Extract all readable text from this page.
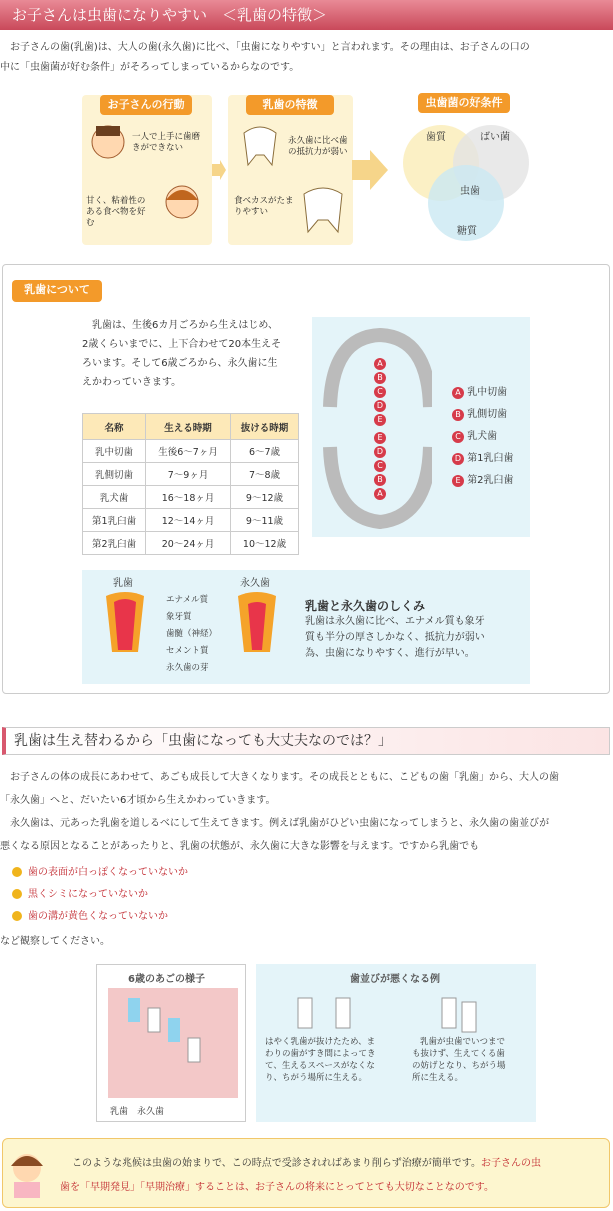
お子さんは虫歯になりやすい　＜乳歯の特徴＞
　お子さんの歯(乳歯)は、大人の歯(永久歯)に比べ、「虫歯になりやすい」と言われます。その理由は、お子さんの口の
中に「虫歯菌が好む条件」がそろってしまっているからなのです。
お子さんの行動
一人で上手に歯磨きができない
甘く、粘着性のある食べ物を好む
乳歯の特徴
永久歯に比べ歯の抵抗力が弱い
食べカスがたまりやすい
虫歯菌の好条件
歯質	ばい菌
虫歯
糖質
乳歯について
乳歯は、生後6カ月ごろから生えはじめ、
2歳くらいまでに、上下合わせて20本生えそ
ろいます。そして6歳ごろから、永久歯に生
えかわっていきます。
名称	生える時期	抜ける時期
乳中切歯	生後6〜7ヶ月	6〜7歳
乳側切歯	7〜9ヶ月	7〜8歳
乳犬歯	16〜18ヶ月	9〜12歳
第1乳臼歯	12〜14ヶ月	9〜11歳
第2乳臼歯	20〜24ヶ月	10〜12歳
A
B
C
D
E
E
D
C
B
A
A 乳中切歯
B 乳側切歯
C 乳犬歯
D 第1乳臼歯
E 第2乳臼歯
乳歯	永久歯
エナメル質
象牙質
歯髄（神経）
セメント質
永久歯の芽
乳歯と永久歯のしくみ
乳歯は永久歯に比べ、エナメル質も象牙
質も半分の厚さしかなく、抵抗力が弱い
為、虫歯になりやすく、進行が早い。
乳歯は生え替わるから「虫歯になっても大丈夫なのでは？」
　お子さんの体の成長にあわせて、あごも成長して大きくなります。その成長とともに、こどもの歯「乳歯」から、大人の歯
「永久歯」へと、だいたい6才頃から生えかわっていきます。
　永久歯は、元あった乳歯を道しるべにして生えてきます。例えば乳歯がひどい虫歯になってしまうと、永久歯の歯並びが
悪くなる原因となることがあったりと、乳歯の状態が、永久歯に大きな影響を与えます。ですから乳歯でも
歯の表面が白っぽくなっていないか
黒くシミになっていないか
歯の溝が黄色くなっていないか
など観察してください。
6歳のあごの様子
乳歯　 永久歯
歯並びが悪くなる例
はやく乳歯が抜けたため、ま
わりの歯がすき間によってき
て、生えるスペースがなくな
り、ちがう場所に生える。
乳歯が虫歯でいつまで
も抜けず、生えてくる歯
の妨げとなり、ちがう場
所に生える。
このような兆候は虫歯の始まりで、この時点で受診されればあまり削らず治療が簡単です。お子さんの虫
歯を「早期発見」「早期治療」することは、お子さんの将来にとってとても大切なことなのです。
